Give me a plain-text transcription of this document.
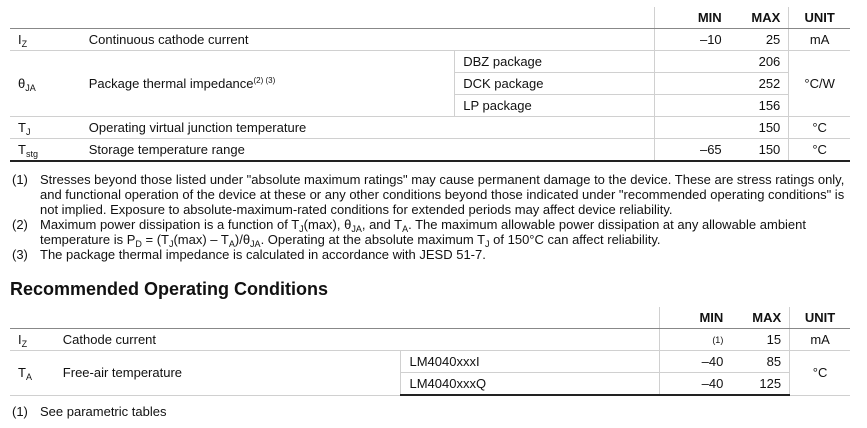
			MIN	MAX	UNIT
$I_Z$	Continuous cathode current		–10	25	mA
$\theta_{JA}$	Package thermal impedance$^{(2) (3)}$	DBZ package		206	°C/W
		DCK package		252	
		LP package		156	
$T_J$	Operating virtual junction temperature			150	°C
$T_{stg}$	Storage temperature range		–65	150	°C
(1) Stresses beyond those listed under "absolute maximum ratings" may cause permanent damage to the device. These are stress ratings only, and functional operation of the device at these or any other conditions beyond those indicated under "recommended operating conditions" is not implied. Exposure to absolute-maximum-rated conditions for extended periods may affect device reliability.
(2) Maximum power dissipation is a function of $T_J(\max)$, $\theta_{JA}$, and $T_A$. The maximum allowable power dissipation at any allowable ambient temperature is $P_D = (T_J(\max) - T_A)/\theta_{JA}$. Operating at the absolute maximum $T_J$ of 150°C can affect reliability.
(3) The package thermal impedance is calculated in accordance with JESD 51-7.
Recommended Operating Conditions
			MIN	MAX	UNIT
$I_Z$	Cathode current		(1)	15	mA
$T_A$	Free-air temperature	LM4040xxxI	–40	85	°C
		LM4040xxxQ	–40	125	
(1) See parametric tables
